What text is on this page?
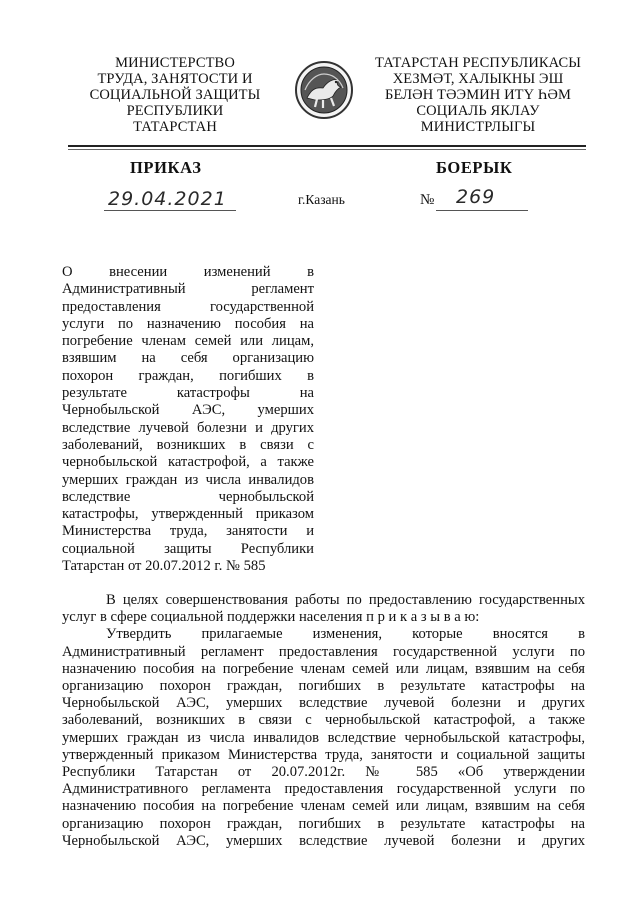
МИНИСТЕРСТВО
ТРУДА, ЗАНЯТОСТИ И
СОЦИАЛЬНОЙ ЗАЩИТЫ
РЕСПУБЛИКИ
ТАТАРСТАН
ТАТАРСТАН РЕСПУБЛИКАСЫ
ХЕЗМӘТ, ХАЛЫКНЫ ЭШ
БЕЛӘН ТӘЭМИН ИТҮ ҺӘМ
СОЦИАЛЬ ЯКЛАУ
МИНИСТРЛЫГЫ
ПРИКАЗ	БОЕРЫК
29.04.2021	г.Казань	№ 269
О внесении изменений в
Административный регламент
предоставления государственной
услуги по назначению пособия на
погребение членам семей или лицам,
взявшим на себя организацию
похорон граждан, погибших в
результате катастрофы на
Чернобыльской АЭС, умерших
вследствие лучевой болезни и других
заболеваний, возникших в связи с
чернобыльской катастрофой, а также
умерших граждан из числа инвалидов
вследствие чернобыльской
катастрофы, утвержденный приказом
Министерства труда, занятости и
социальной защиты Республики
Татарстан от 20.07.2012 г. № 585
В целях совершенствования работы по предоставлению государственных
услуг в сфере социальной поддержки населения п р и к а з ы в а ю:
Утвердить прилагаемые изменения, которые вносятся в
Административный регламент предоставления государственной услуги по
назначению пособия на погребение членам семей или лицам, взявшим на себя
организацию похорон граждан, погибших в результате катастрофы на
Чернобыльской АЭС, умерших вследствие лучевой болезни и других
заболеваний, возникших в связи с чернобыльской катастрофой, а также
умерших граждан из числа инвалидов вследствие чернобыльской катастрофы,
утвержденный приказом Министерства труда, занятости и социальной защиты
Республики Татарстан от 20.07.2012г. № 585 «Об утверждении
Административного регламента предоставления государственной услуги по
назначению пособия на погребение членам семей или лицам, взявшим на себя
организацию похорон граждан, погибших в результате катастрофы на
Чернобыльской АЭС, умерших вследствие лучевой болезни и других
